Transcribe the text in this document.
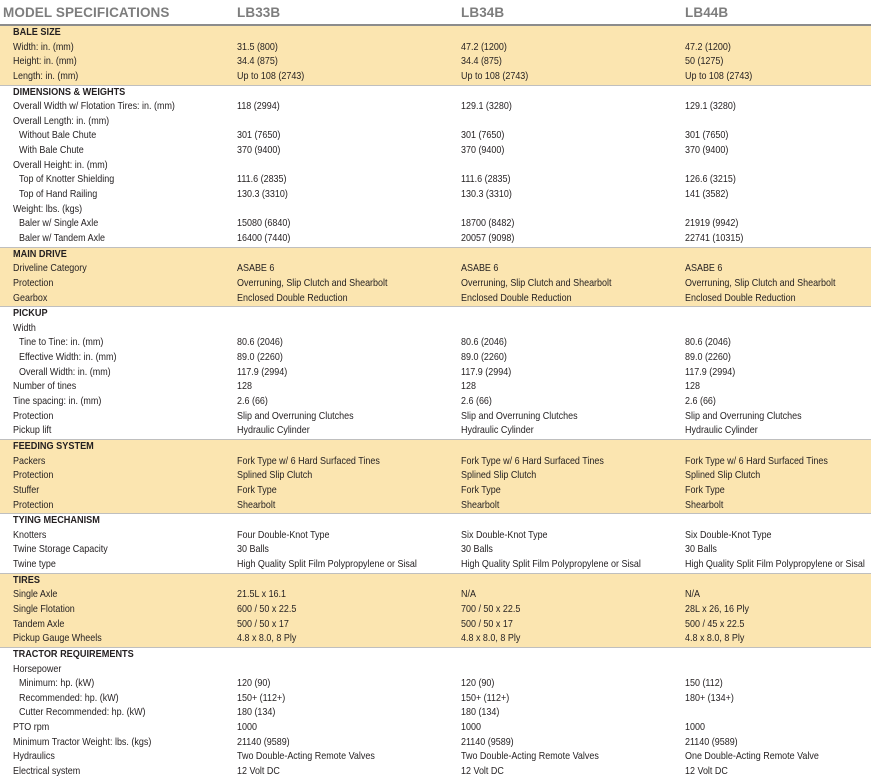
MODEL SPECIFICATIONS	LB33B	LB34B	LB44B
BALE SIZE
Width: in. (mm)	31.5 (800)	47.2 (1200)	47.2 (1200)
Height: in. (mm)	34.4 (875)	34.4 (875)	50 (1275)
Length: in. (mm)	Up to 108 (2743)	Up to 108 (2743)	Up to 108 (2743)
DIMENSIONS & WEIGHTS
Overall Width w/ Flotation Tires: in. (mm)	118 (2994)	129.1 (3280)	129.1 (3280)
Overall Length: in. (mm)
Without Bale Chute	301 (7650)	301 (7650)	301 (7650)
With Bale Chute	370 (9400)	370 (9400)	370 (9400)
Overall Height: in. (mm)
Top of Knotter Shielding	111.6 (2835)	111.6 (2835)	126.6 (3215)
Top of Hand Railing	130.3 (3310)	130.3 (3310)	141 (3582)
Weight: lbs. (kgs)
Baler w/ Single Axle	15080 (6840)	18700 (8482)	21919 (9942)
Baler w/ Tandem Axle	16400 (7440)	20057 (9098)	22741 (10315)
MAIN DRIVE
Driveline Category	ASABE 6	ASABE 6	ASABE 6
Protection	Overruning, Slip Clutch and Shearbolt	Overruning, Slip Clutch and Shearbolt	Overruning, Slip Clutch and Shearbolt
Gearbox	Enclosed Double Reduction	Enclosed Double Reduction	Enclosed Double Reduction
PICKUP
Width
Tine to Tine: in. (mm)	80.6 (2046)	80.6 (2046)	80.6 (2046)
Effective Width: in. (mm)	89.0 (2260)	89.0 (2260)	89.0 (2260)
Overall Width: in. (mm)	117.9 (2994)	117.9 (2994)	117.9 (2994)
Number of tines	128	128	128
Tine spacing: in. (mm)	2.6 (66)	2.6 (66)	2.6 (66)
Protection	Slip and Overruning Clutches	Slip and Overruning Clutches	Slip and Overruning Clutches
Pickup lift	Hydraulic Cylinder	Hydraulic Cylinder	Hydraulic Cylinder
FEEDING SYSTEM
Packers	Fork Type w/ 6 Hard Surfaced Tines	Fork Type w/ 6 Hard Surfaced Tines	Fork Type w/ 6 Hard Surfaced Tines
Protection	Splined Slip Clutch	Splined Slip Clutch	Splined Slip Clutch
Stuffer	Fork Type	Fork Type	Fork Type
Protection	Shearbolt	Shearbolt	Shearbolt
TYING MECHANISM
Knotters	Four Double-Knot Type	Six Double-Knot Type	Six Double-Knot Type
Twine Storage Capacity	30 Balls	30 Balls	30 Balls
Twine type	High Quality Split Film Polypropylene or Sisal	High Quality Split Film Polypropylene or Sisal	High Quality Split Film Polypropylene or Sisal
TIRES
Single Axle	21.5L x 16.1	N/A	N/A
Single Flotation	600 / 50 x 22.5	700 / 50 x 22.5	28L x 26, 16 Ply
Tandem Axle	500 / 50 x 17	500 / 50 x 17	500 / 45 x 22.5
Pickup Gauge Wheels	4.8 x 8.0, 8 Ply	4.8 x 8.0, 8 Ply	4.8 x 8.0, 8 Ply
TRACTOR REQUIREMENTS
Horsepower
Minimum: hp. (kW)	120 (90)	120 (90)	150 (112)
Recommended: hp. (kW)	150+ (112+)	150+ (112+)	180+ (134+)
Cutter Recommended: hp. (kW)	180 (134)	180 (134)
PTO rpm	1000	1000	1000
Minimum Tractor Weight: lbs. (kgs)	21140 (9589)	21140 (9589)	21140 (9589)
Hydraulics	Two Double-Acting Remote Valves	Two Double-Acting Remote Valves	One Double-Acting Remote Valve
Electrical system	12 Volt DC	12 Volt DC	12 Volt DC
